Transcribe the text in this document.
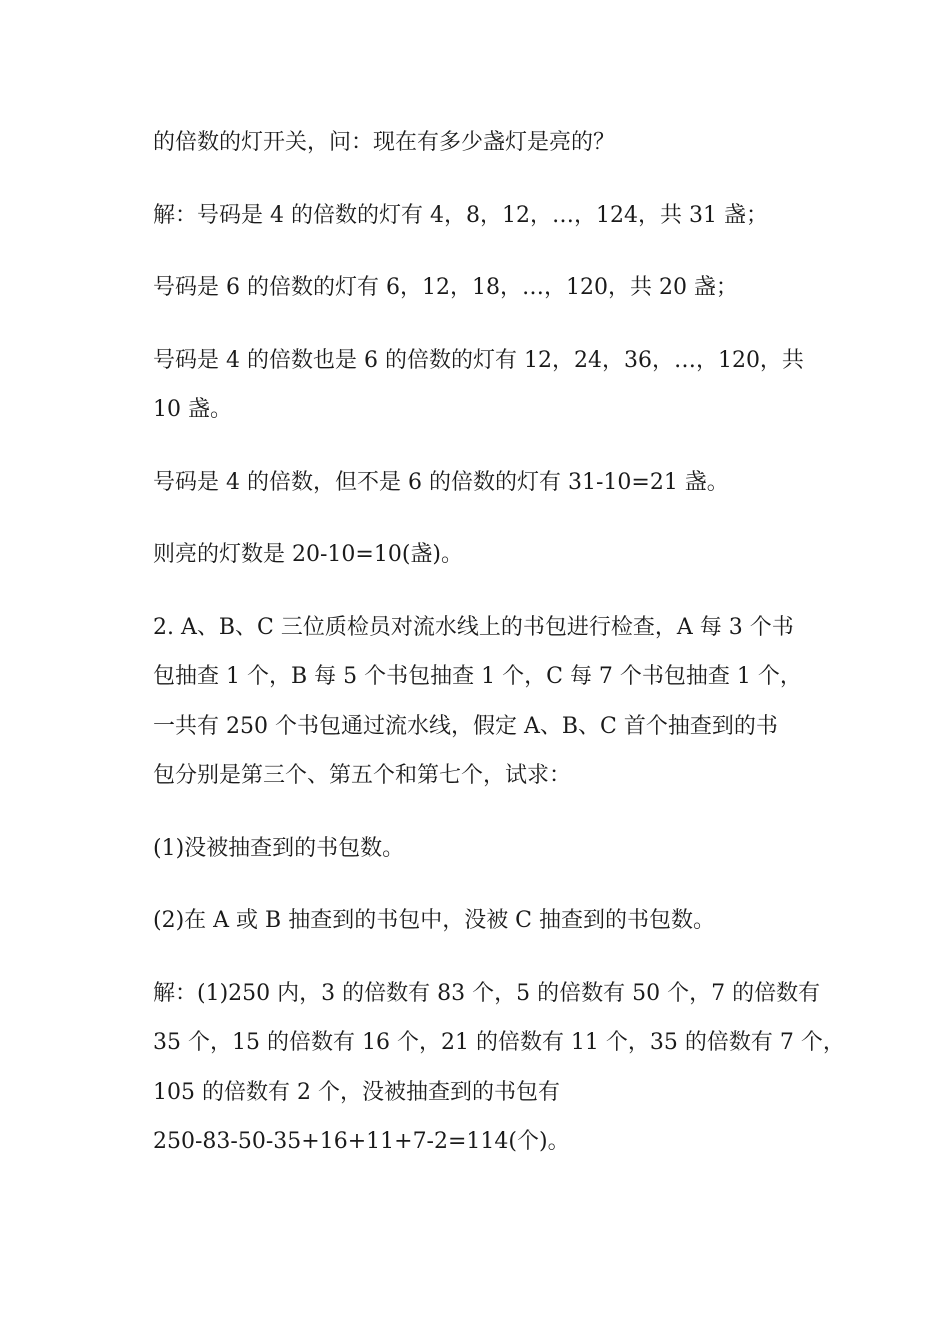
的倍数的灯开关，问：现在有多少盏灯是亮的？

解：号码是 4 的倍数的灯有 4，8，12，…，124，共 31 盏；

号码是 6 的倍数的灯有 6，12，18，…，120，共 20 盏；

号码是 4 的倍数也是 6 的倍数的灯有 12，24，36，…，120，共
10 盏。

号码是 4 的倍数，但不是 6 的倍数的灯有 31-10=21 盏。

则亮的灯数是 20-10=10(盏)。

2. A、B、C 三位质检员对流水线上的书包进行检查，A 每 3 个书
包抽查 1 个，B 每 5 个书包抽查 1 个，C 每 7 个书包抽查 1 个，
一共有 250 个书包通过流水线，假定 A、B、C 首个抽查到的书
包分别是第三个、第五个和第七个，试求：

(1)没被抽查到的书包数。

(2)在 A 或 B 抽查到的书包中，没被 C 抽查到的书包数。

解：(1)250 内，3 的倍数有 83 个，5 的倍数有 50 个，7 的倍数有
35 个，15 的倍数有 16 个，21 的倍数有 11 个，35 的倍数有 7 个，
105 的倍数有 2 个，没被抽查到的书包有
250-83-50-35+16+11+7-2=114(个)。
